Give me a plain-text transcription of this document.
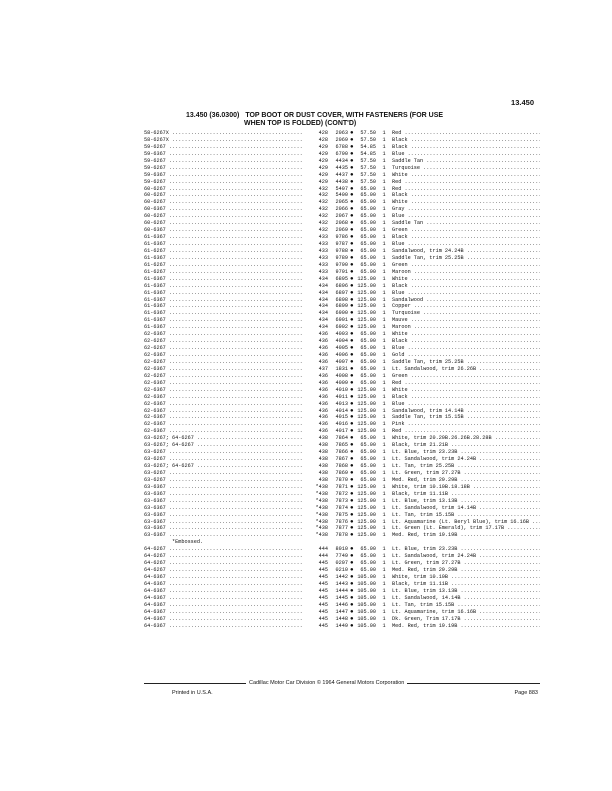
13.450
13.450 (36.0300) TOP BOOT OR DUST COVER, WITH FASTENERS (FOR USE
WHEN TOP IS FOLDED) (CONT'D)
58-6267X .....	428	2063 ●	57.50	1	Red .....
58-6267X .....	428	2069 ●	57.50	1	Black .....
59-6267 .....	429	6788 ●	54.85	1	Black .....
59-6367 .....	429	6790 ●	54.85	1	Blue .....
59-6267 .....	429	4434 ●	57.50	1	Saddle Tan .....
59-6267 .....	429	4435 ●	57.50	1	Turquoise .....
59-6367 .....	429	4437 ●	57.50	1	White .....
59-6267 .....	429	4438 ●	57.50	1	Red .....
60-6267 .....	432	5407 ●	65.00	1	Red .....
60-6267 .....	432	5400 ●	65.00	1	Black .....
60-6267 .....	432	2065 ●	65.00	1	White .....
60-6367 .....	432	2066 ●	65.00	1	Gray .....
60-6267 .....	432	2067 ●	65.00	1	Blue .....
60-6267 .....	432	2068 ●	65.00	1	Saddle Tan .....
60-6367 .....	432	2069 ●	65.00	1	Green .....
61-6367 .....	433	9786 ●	65.00	1	Black .....
61-6367 .....	433	9787 ●	65.00	1	Blue .....
61-6267 .....	433	9788 ●	65.00	1	Sandalwood, trim 24.24B .....
61-6367 .....	433	9789 ●	65.00	1	Saddle Tan, trim 25.25B .....
61-6267 .....	433	9790 ●	65.00	1	Green .....
61-6267 .....	433	9791 ●	65.00	1	Maroon .....
61-6367 .....	434	6895 ● 125.00	1	White .....
61-6367 .....	434	6896 ● 125.00	1	Black .....
61-6367 .....	434	6897 ● 125.00	1	Blue .....
61-6367 .....	434	6898 ● 125.00	1	Sandalwood .....
61-6367 .....	434	6899 ● 125.00	1	Copper .....
61-6367 .....	434	6900 ● 125.00	1	Turquoise .....
61-6367 .....	434	6901 ● 125.00	1	Mauve .....
61-6367 .....	434	6902 ● 125.00	1	Maroon .....
62-6367 .....	436	4003 ●	65.00	1	White .....
62-6267 .....	436	4004 ●	65.00	1	Black .....
62-6267 .....	436	4005 ●	65.00	1	Blue .....
62-6367 .....	436	4006 ●	65.00	1	Gold .....
62-6267 .....	436	4007 ●	65.00	1	Saddle Tan, trim 25.25B .....
62-6367 .....	437	1831 ●	65.00	1	Lt. Sandalwood, trim 26.26B .....
62-6267 .....	436	4008 ●	65.00	1	Green .....
62-6367 .....	436	4009 ●	65.00	1	Red .....
62-6367 .....	436	4010 ● 125.00	1	White .....
62-6367 .....	436	4011 ● 125.00	1	Black .....
62-6367 .....	436	4013 ● 125.00	1	Blue .....
62-6367 .....	436	4014 ● 125.00	1	Sandalwood, trim 14.14B .....
62-6367 .....	436	4015 ● 125.00	1	Saddle Tan, trim 15.15B .....
62-6367 .....	436	4016 ● 125.00	1	Pink .....
62-6367 .....	436	4017 ● 125.00	1	Red .....
63-6267; 64-6267 .....	438	7864 ●	65.00	1	White, trim 20.20B.26.26B.28.28B .....
63-6267; 64-6267 .....	438	7865 ●	65.00	1	Black, trim 21.21B .....
63-6267 .....	438	7866 ●	65.00	1	Lt. Blue, trim 23.23B .....
63-6267 .....	438	7867 ●	65.00	1	Lt. Sandalwood, trim 24.24B .....
63-6267; 64-6267 .....	438	7868 ●	65.00	1	Lt. Tan, trim 25.25B .....
63-6267 .....	438	7869 ●	65.00	1	Lt. Green, trim 27.27B .....
63-6267 .....	438	7870 ●	65.00	1	Med. Red, trim 29.29B .....
63-6367 .....	*438	7871 ● 125.00	1	White, trim 10.10B.18.18B .....
63-6367 .....	*438	7872 ● 125.00	1	Black, trim 11.11B .....
63-6367 .....	*438	7873 ● 125.00	1	Lt. Blue, trim 13.13B .....
63-6367 .....	*438	7874 ● 125.00	1	Lt. Sandalwood, trim 14.14B .....
63-6367 .....	*438	7875 ● 125.00	1	Lt. Tan, trim 15.15B .....
63-6367 .....	*438	7876 ● 125.00	1	Lt. Aquamarine (Lt. Beryl Blue), trim 16.16B .....
63-6367 .....	*438	7877 ● 125.00	1	Lt. Green (Lt. Emerald), trim 17.17B .....
63-6367 .....	*438	7878 ● 125.00	1	Med. Red, trim 19.19B .....
*Embossed.
64-6267 .....	444	8010 ●	65.00	1	Lt. Blue, trim 23.23B .....
64-6267 .....	444	7749 ●	65.00	1	Lt. Sandalwood, trim 24.24B .....
64-6267 .....	445	0207 ●	65.00	1	Lt. Green, trim 27.27B .....
64-6267 .....	445	0210 ●	65.00	1	Med. Red, trim 29.29B .....
64-6367 .....	445	1442 ● 105.00	1	White, trim 10.10B .....
64-6367 .....	445	1443 ● 105.00	1	Black, trim 11.11B .....
64-6367 .....	445	1444 ● 105.00	1	Lt. Blue, trim 13.13B .....
64-6367 .....	445	1445 ● 105.00	1	Lt. Sandalwood, 14.14B .....
64-6367 .....	445	1446 ● 105.00	1	Lt. Tan, trim 15.15B .....
64-6367 .....	445	1447 ● 105.00	1	Lt. Aquamarine, trim 16.16B .....
64-6367 .....	445	1448 ● 105.00	1	Dk. Green, Trim 17.17B .....
64-6367 .....	445	1449 ● 105.00	1	Med. Red, trim 19.19B .....
Cadillac Motor Car Division © 1964 General Motors Corporation
Printed in U.S.A.	Page 883
